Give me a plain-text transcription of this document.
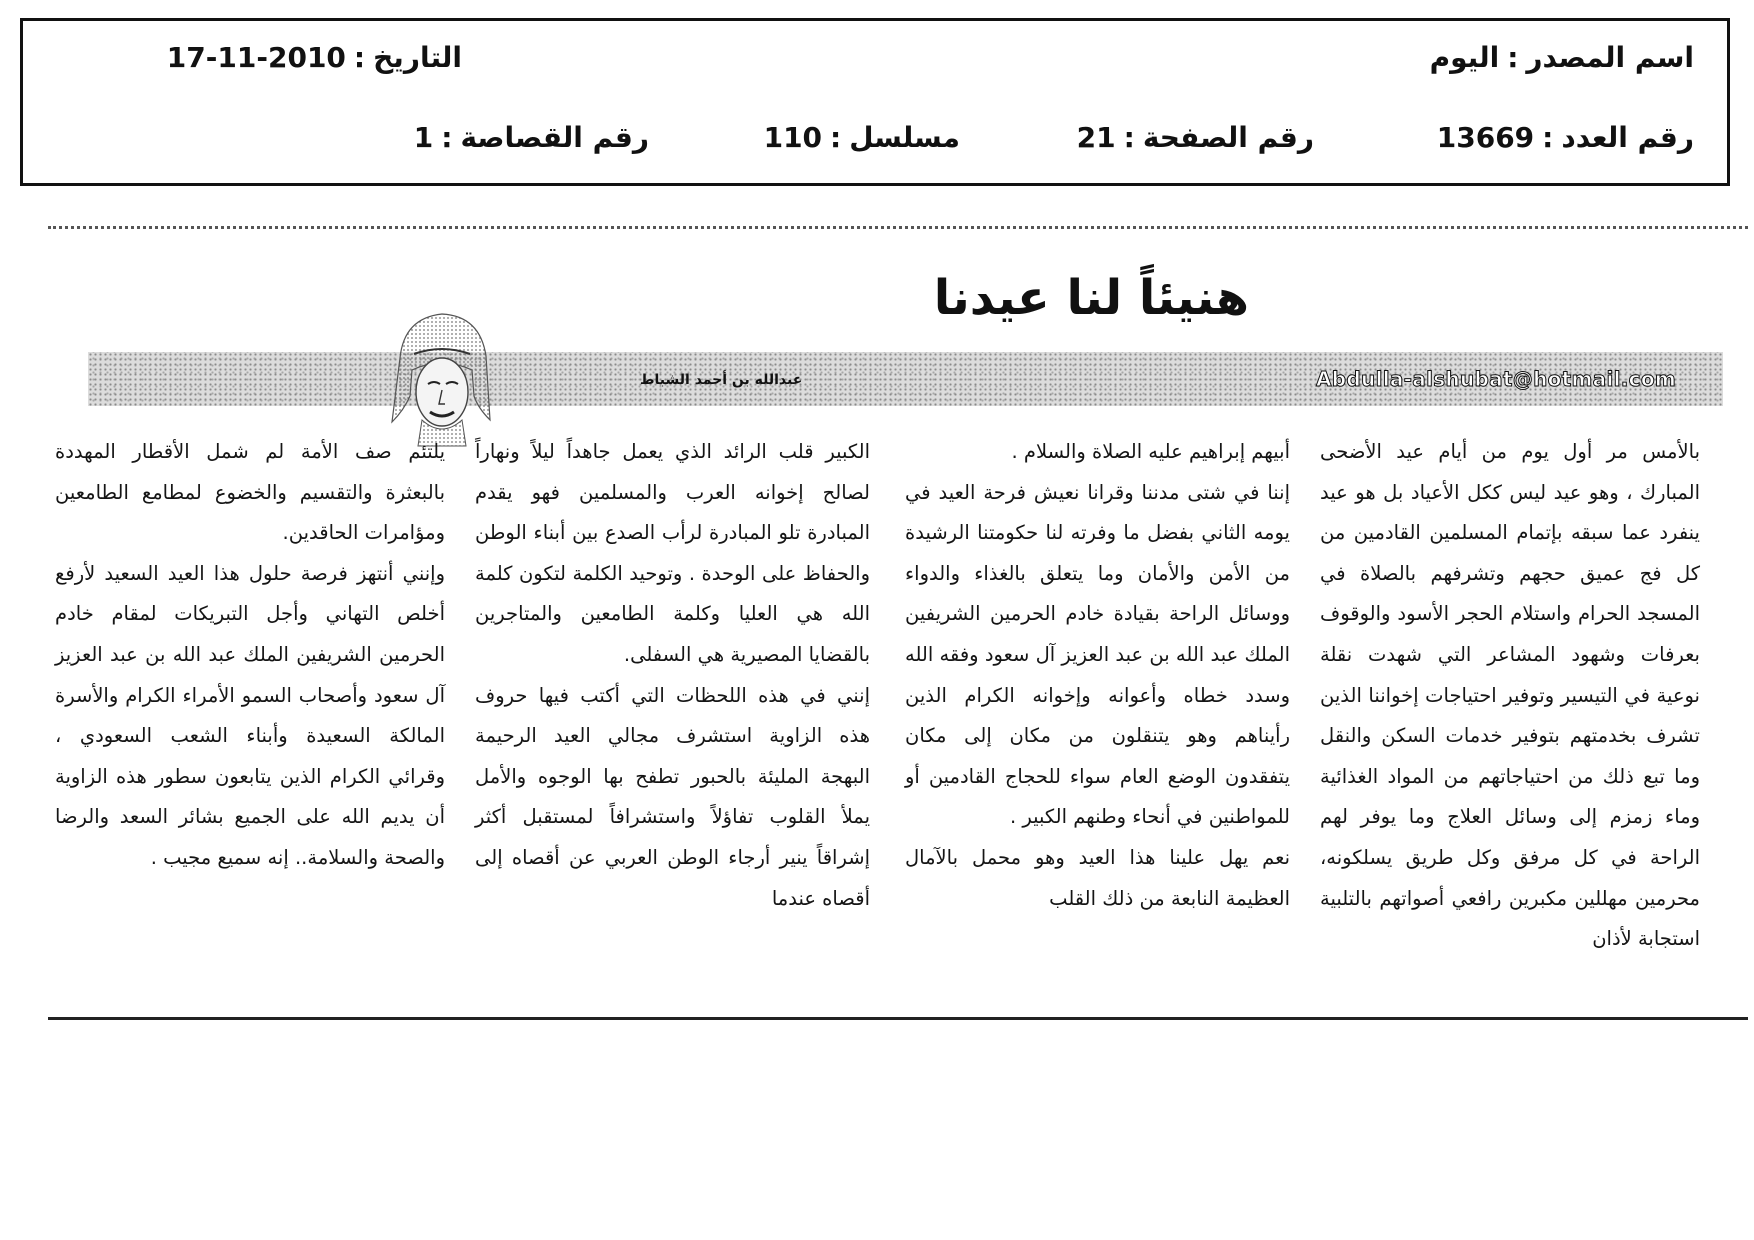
اسم المصدر:اليوم
التاريخ:2010-11-17
رقم العدد:13669
رقم الصفحة:21
مسلسل:110
رقم القصاصة:1
هنيئاً لنا عيدنا
Abdulla-alshubat@hotmail.com
عبدالله بن أحمد الشباط

بالأمس مر أول يوم من أيام عيد الأضحى المبارك ، وهو عيد ليس ككل الأعياد بل هو عيد ينفرد عما سبقه بإتمام المسلمين القادمين من كل فج عميق حجهم وتشرفهم بالصلاة في المسجد الحرام واستلام الحجر الأسود والوقوف بعرفات وشهود المشاعر التي شهدت نقلة نوعية في التيسير وتوفير احتياجات إخواننا الذين تشرف بخدمتهم بتوفير خدمات السكن والنقل وما تبع ذلك من احتياجاتهم من المواد الغذائية وماء زمزم إلى وسائل العلاج وما يوفر لهم الراحة في كل مرفق وكل طريق يسلكونه، محرمين مهللين مكبرين رافعي أصواتهم بالتلبية استجابة لأذان

أبيهم إبراهيم عليه الصلاة والسلام .

إننا في شتى مدننا وقرانا نعيش فرحة العيد في يومه الثاني بفضل ما وفرته لنا حكومتنا الرشيدة من الأمن والأمان وما يتعلق بالغذاء والدواء ووسائل الراحة بقيادة خادم الحرمين الشريفين الملك عبد الله بن عبد العزيز آل سعود وفقه الله وسدد خطاه وأعوانه وإخوانه الكرام الذين رأيناهم وهو يتنقلون من مكان إلى مكان يتفقدون الوضع العام سواء للحجاج القادمين أو للمواطنين في أنحاء وطنهم الكبير .

نعم يهل علينا هذا العيد وهو محمل بالآمال العظيمة النابعة من ذلك القلب

الكبير قلب الرائد الذي يعمل جاهداً ليلاً ونهاراً لصالح إخوانه العرب والمسلمين فهو يقدم المبادرة تلو المبادرة لرأب الصدع بين أبناء الوطن والحفاظ على الوحدة . وتوحيد الكلمة لتكون كلمة الله هي العليا وكلمة الطامعين والمتاجرين بالقضايا المصيرية هي السفلى.

إنني في هذه اللحظات التي أكتب فيها حروف هذه الزاوية استشرف مجالي العيد الرحيمة البهجة المليئة بالحبور تطفح بها الوجوه والأمل يملأ القلوب تفاؤلاً واستشرافاً لمستقبل أكثر إشراقاً ينير أرجاء الوطن العربي عن أقصاه إلى أقصاه عندما

يلتئم صف الأمة لم شمل الأقطار المهددة بالبعثرة والتقسيم والخضوع لمطامع الطامعين ومؤامرات الحاقدين.

وإنني أنتهز فرصة حلول هذا العيد السعيد لأرفع أخلص التهاني وأجل التبريكات لمقام خادم الحرمين الشريفين الملك عبد الله بن عبد العزيز آل سعود وأصحاب السمو الأمراء الكرام والأسرة المالكة السعيدة وأبناء الشعب السعودي ، وقرائي الكرام الذين يتابعون سطور هذه الزاوية أن يديم الله على الجميع بشائر السعد والرضا والصحة والسلامة.. إنه سميع مجيب .
